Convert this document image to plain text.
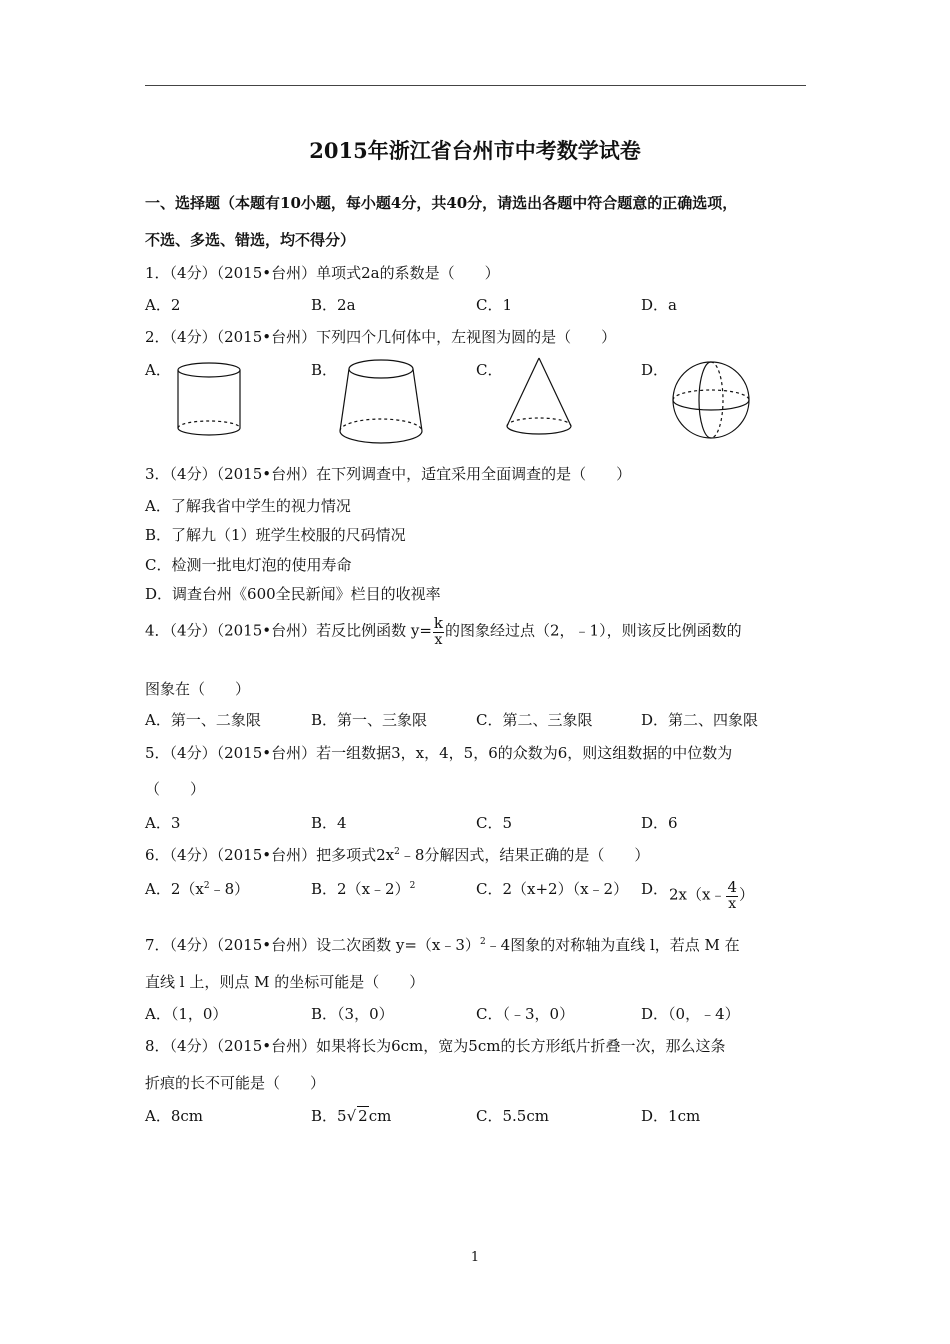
2015年浙江省台州市中考数学试卷
一、选择题（本题有10小题，每小题4分，共40分，请选出各题中符合题意的正确选项，
不选、多选、错选，均不得分）
1．（4分）（2015•台州）单项式2a的系数是（　　）
A．2	B．2a	C．1	D．a
2．（4分）（2015•台州）下列四个几何体中，左视图为圆的是（　　）
A．	B．	C．	D．
3．（4分）（2015•台州）在下列调查中，适宜采用全面调查的是（　　）
A．了解我省中学生的视力情况
B．了解九（1）班学生校服的尺码情况
C．检测一批电灯泡的使用寿命
D．调查台州《600全民新闻》栏目的收视率
4．（4分）（2015•台州）若反比例函数 $y= \frac{k}{x}$ 的图象经过点（2，﹣1），则该反比例函数的
图象在（　　）
A．第一、二象限	B．第一、三象限	C．第二、三象限	D．第二、四象限
5．（4分）（2015•台州）若一组数据3，x，4，5，6的众数为6，则这组数据的中位数为
（　　）
A．3	B．4	C．5	D．6
6．（4分）（2015•台州）把多项式$2x^2﹣8$分解因式，结果正确的是（　　）
A．$2(x^2﹣8)$	B．2（x﹣2）$^2$	C．2（x+2）（x﹣2） D． 2x（x﹣ $\frac{4}{x}$ ）
7．（4分）（2015•台州）设二次函数 y=（x﹣3）$^2$﹣4图象的对称轴为直线 l，若点 M 在
直线 l 上，则点 M 的坐标可能是（　　）
A．（1，0）	B．（3，0）	C．（﹣3，0）	D．（0，﹣4）
8．（4分）（2015•台州）如果将长为6cm，宽为5cm的长方形纸片折叠一次，那么这条
折痕的长不可能是（　　）
A．8cm	B．5√ 2cm	C．5.5cm	D．1cm
1
